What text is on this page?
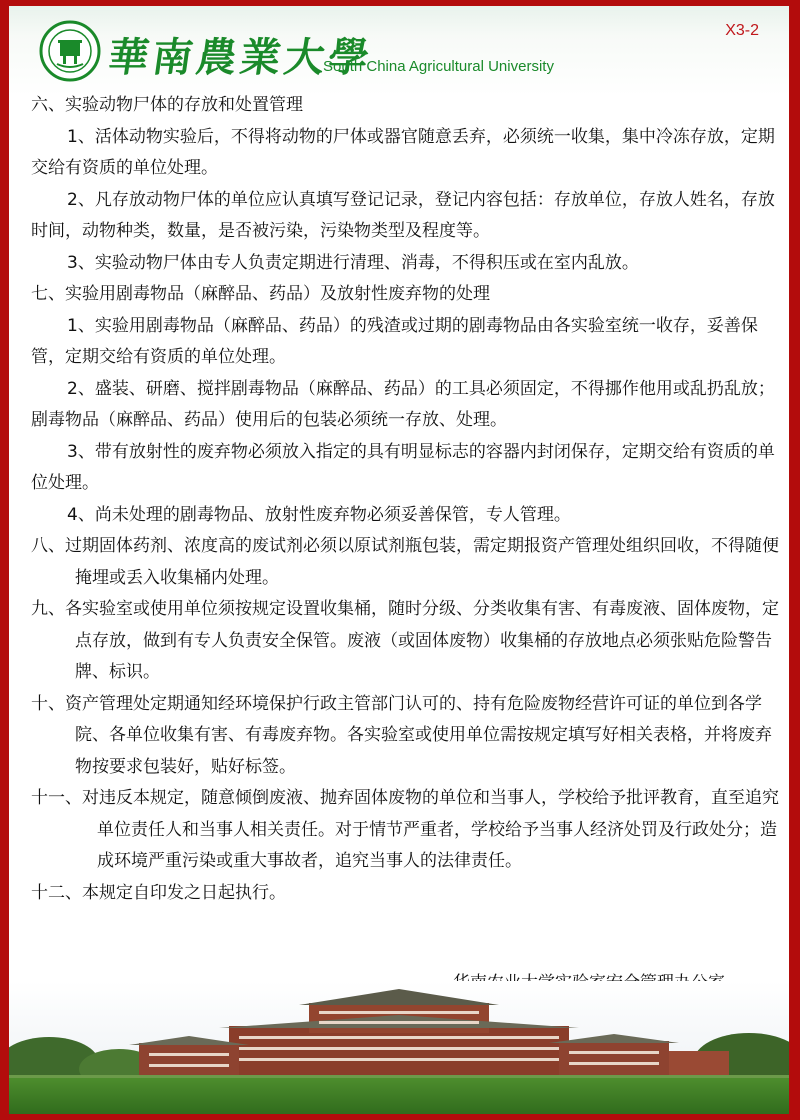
華南農業大學
South China Agricultural University
X3-2

六、实验动物尸体的存放和处置管理

1、活体动物实验后，不得将动物的尸体或器官随意丢弃，必须统一收集，集中冷冻存放，定期交给有资质的单位处理。

2、凡存放动物尸体的单位应认真填写登记记录，登记内容包括：存放单位，存放人姓名，存放时间，动物种类，数量，是否被污染，污染物类型及程度等。

3、实验动物尸体由专人负责定期进行清理、消毒，不得积压或在室内乱放。

七、实验用剧毒物品（麻醉品、药品）及放射性废弃物的处理

1、实验用剧毒物品（麻醉品、药品）的残渣或过期的剧毒物品由各实验室统一收存，妥善保管，定期交给有资质的单位处理。

2、盛装、研磨、搅拌剧毒物品（麻醉品、药品）的工具必须固定，不得挪作他用或乱扔乱放；剧毒物品（麻醉品、药品）使用后的包装必须统一存放、处理。

3、带有放射性的废弃物必须放入指定的具有明显标志的容器内封闭保存，定期交给有资质的单位处理。

4、尚未处理的剧毒物品、放射性废弃物必须妥善保管，专人管理。

八、过期固体药剂、浓度高的废试剂必须以原试剂瓶包装，需定期报资产管理处组织回收，不得随便掩埋或丢入收集桶内处理。

九、各实验室或使用单位须按规定设置收集桶，随时分级、分类收集有害、有毒废液、固体废物，定点存放，做到有专人负责安全保管。废液（或固体废物）收集桶的存放地点必须张贴危险警告牌、标识。

十、资产管理处定期通知经环境保护行政主管部门认可的、持有危险废物经营许可证的单位到各学院、各单位收集有害、有毒废弃物。各实验室或使用单位需按规定填写好相关表格，并将废弃物按要求包装好，贴好标签。

十一、对违反本规定，随意倾倒废液、抛弃固体废物的单位和当事人，学校给予批评教育，直至追究单位责任人和当事人相关责任。对于情节严重者，学校给予当事人经济处罚及行政处分；造成环境严重污染或重大事故者，追究当事人的法律责任。

十二、本规定自印发之日起执行。
